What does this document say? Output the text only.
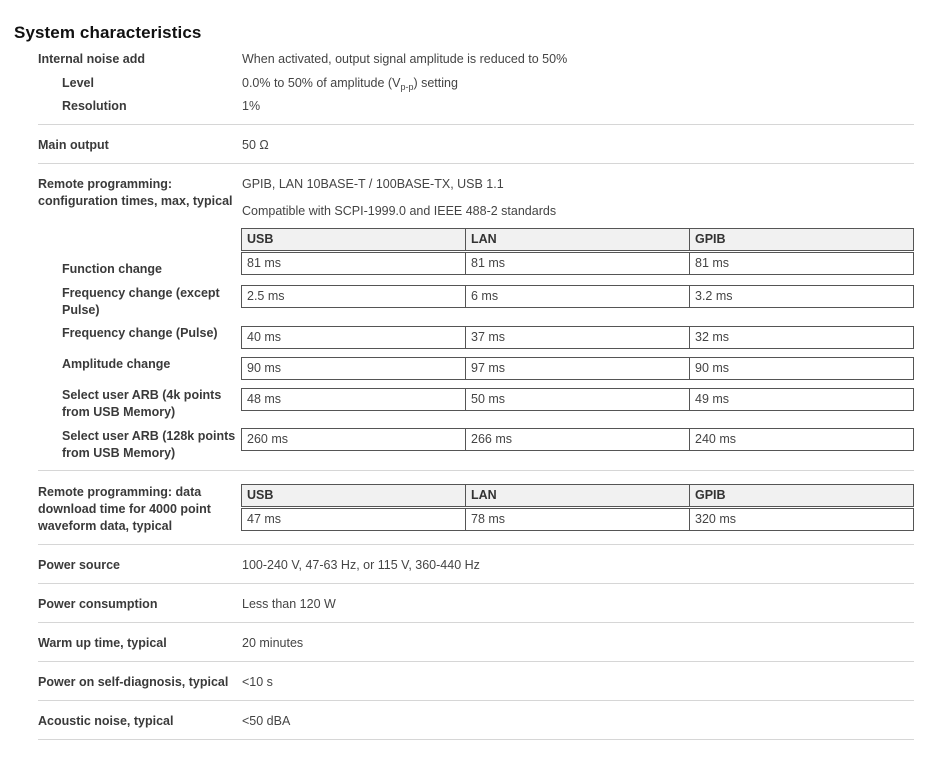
System characteristics
Internal noise add	When activated, output signal amplitude is reduced to 50%
Level	0.0% to 50% of amplitude $(V_{p-p})$ setting
Resolution	1%
Main output	50 Ω
Remote programming:
configuration times, max, typical
GPIB, LAN 10BASE-T / 100BASE-TX, USB 1.1
Compatible with SCPI-1999.0 and IEEE 488-2 standards
USB	LAN	GPIB
Function change	81 ms	81 ms	81 ms
Frequency change (except
Pulse)
2.5 ms	6 ms	3.2 ms
Frequency change (Pulse)	40 ms	37 ms	32 ms
Amplitude change	90 ms	97 ms	90 ms
Select user ARB (4k points
from USB Memory)
48 ms	50 ms	49 ms
Select user ARB (128k points
from USB Memory)
260 ms	266 ms	240 ms
Remote programming: data
download time for 4000 point
waveform data, typical
USB	LAN	GPIB
47 ms	78 ms	320 ms
Power source	100-240 V, 47-63 Hz, or 115 V, 360-440 Hz
Power consumption	Less than 120 W
Warm up time, typical	20 minutes
Power on self-diagnosis, typical <10 s
Acoustic noise, typical	<50 dBA
